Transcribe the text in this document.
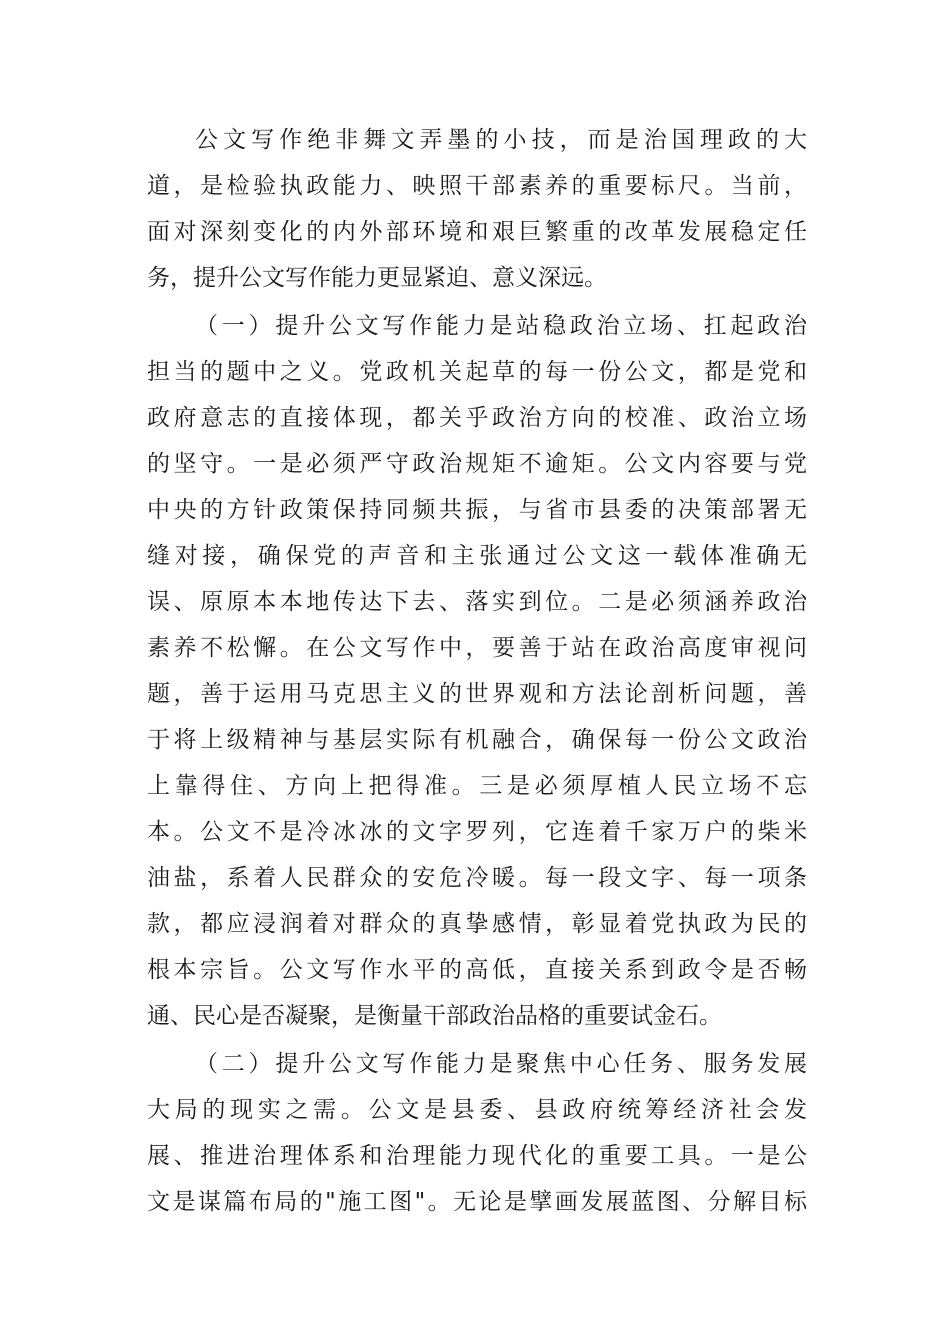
公文写作绝非舞文弄墨的小技，而是治国理政的大
道，是检验执政能力、映照干部素养的重要标尺。当前，
面对深刻变化的内外部环境和艰巨繁重的改革发展稳定任
务，提升公文写作能力更显紧迫、意义深远。
（一）提升公文写作能力是站稳政治立场、扛起政治
担当的题中之义。党政机关起草的每一份公文，都是党和
政府意志的直接体现，都关乎政治方向的校准、政治立场
的坚守。一是必须严守政治规矩不逾矩。公文内容要与党
中央的方针政策保持同频共振，与省市县委的决策部署无
缝对接，确保党的声音和主张通过公文这一载体准确无
误、原原本本地传达下去、落实到位。二是必须涵养政治
素养不松懈。在公文写作中，要善于站在政治高度审视问
题，善于运用马克思主义的世界观和方法论剖析问题，善
于将上级精神与基层实际有机融合，确保每一份公文政治
上靠得住、方向上把得准。三是必须厚植人民立场不忘
本。公文不是冷冰冰的文字罗列，它连着千家万户的柴米
油盐，系着人民群众的安危冷暖。每一段文字、每一项条
款，都应浸润着对群众的真挚感情，彰显着党执政为民的
根本宗旨。公文写作水平的高低，直接关系到政令是否畅
通、民心是否凝聚，是衡量干部政治品格的重要试金石。
（二）提升公文写作能力是聚焦中心任务、服务发展
大局的现实之需。公文是县委、县政府统筹经济社会发
展、推进治理体系和治理能力现代化的重要工具。一是公
文是谋篇布局的"施工图"。无论是擘画发展蓝图、分解目标
